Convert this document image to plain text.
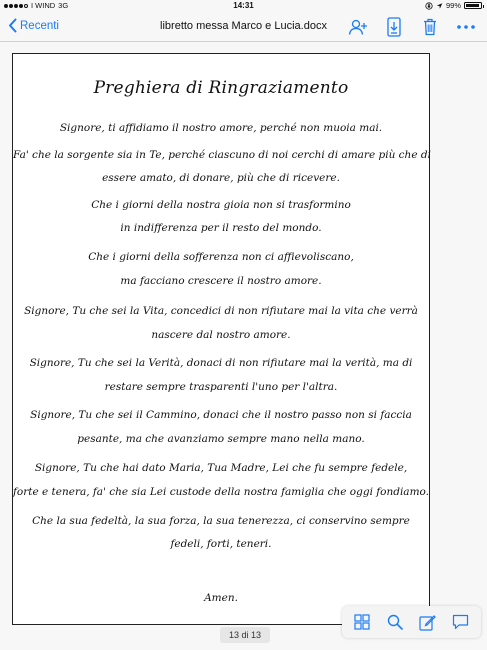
I WIND 3G	14:31	99%
Recenti	libretto messa Marco e Lucia.docx
Preghiera di Ringraziamento
Signore, ti affidiamo il nostro amore, perché non muoia mai.
Fa' che la sorgente sia in Te, perché ciascuno di noi cerchi di amare più che di
essere amato, di donare, più che di ricevere.
Che i giorni della nostra gioia non si trasformino
in indifferenza per il resto del mondo.
Che i giorni della sofferenza non ci affievoliscano,
ma facciano crescere il nostro amore.
Signore, Tu che sei la Vita, concedici di non rifiutare mai la vita che verrà
nascere dal nostro amore.
Signore, Tu che sei la Verità, donaci di non rifiutare mai la verità, ma di
restare sempre trasparenti l'uno per l'altra.
Signore, Tu che sei il Cammino, donaci che il nostro passo non si faccia
pesante, ma che avanziamo sempre mano nella mano.
Signore, Tu che hai dato Maria, Tua Madre, Lei che fu sempre fedele,
forte e tenera, fa' che sia Lei custode della nostra famiglia che oggi fondiamo.
Che la sua fedeltà, la sua forza, la sua tenerezza, ci conservino sempre
fedeli, forti, teneri.
Amen.
13 di 13
